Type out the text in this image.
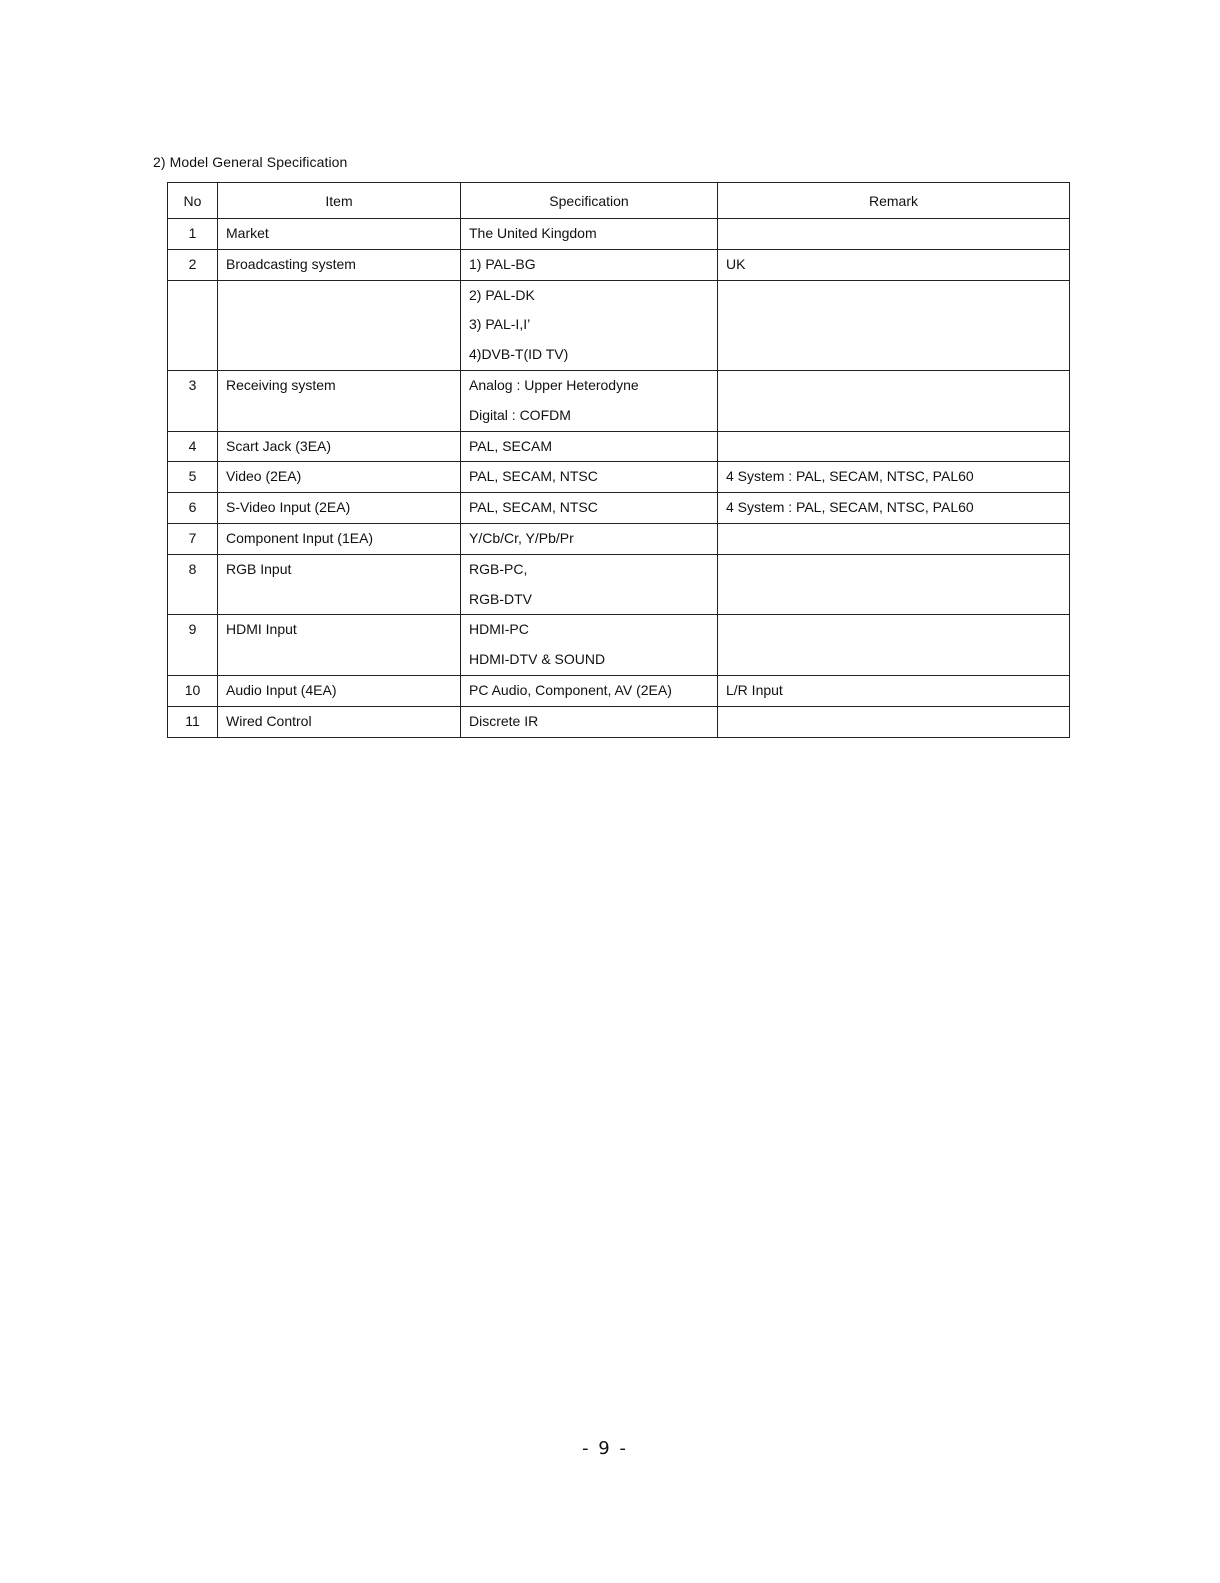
2) Model General Specification
No	Item	Specification	Remark

1	Market	The United Kingdom	

2	Broadcasting system	1) PAL-BG	UK

		2) PAL-DK
3) PAL-I,I’
4)DVB-T(ID TV)	

3	Receiving system	Analog : Upper Heterodyne
Digital : COFDM	

4	Scart Jack (3EA)	PAL, SECAM	

5	Video (2EA)	PAL, SECAM, NTSC	4 System : PAL, SECAM, NTSC, PAL60

6	S-Video Input (2EA)	PAL, SECAM, NTSC	4 System : PAL, SECAM, NTSC, PAL60

7	Component Input (1EA)	Y/Cb/Cr, Y/Pb/Pr	

8	RGB Input	RGB-PC,
RGB-DTV	

9	HDMI Input	HDMI-PC
HDMI-DTV & SOUND	

10	Audio Input (4EA)	PC Audio, Component, AV (2EA)	L/R Input

11	Wired Control	Discrete IR	

- 9 -
